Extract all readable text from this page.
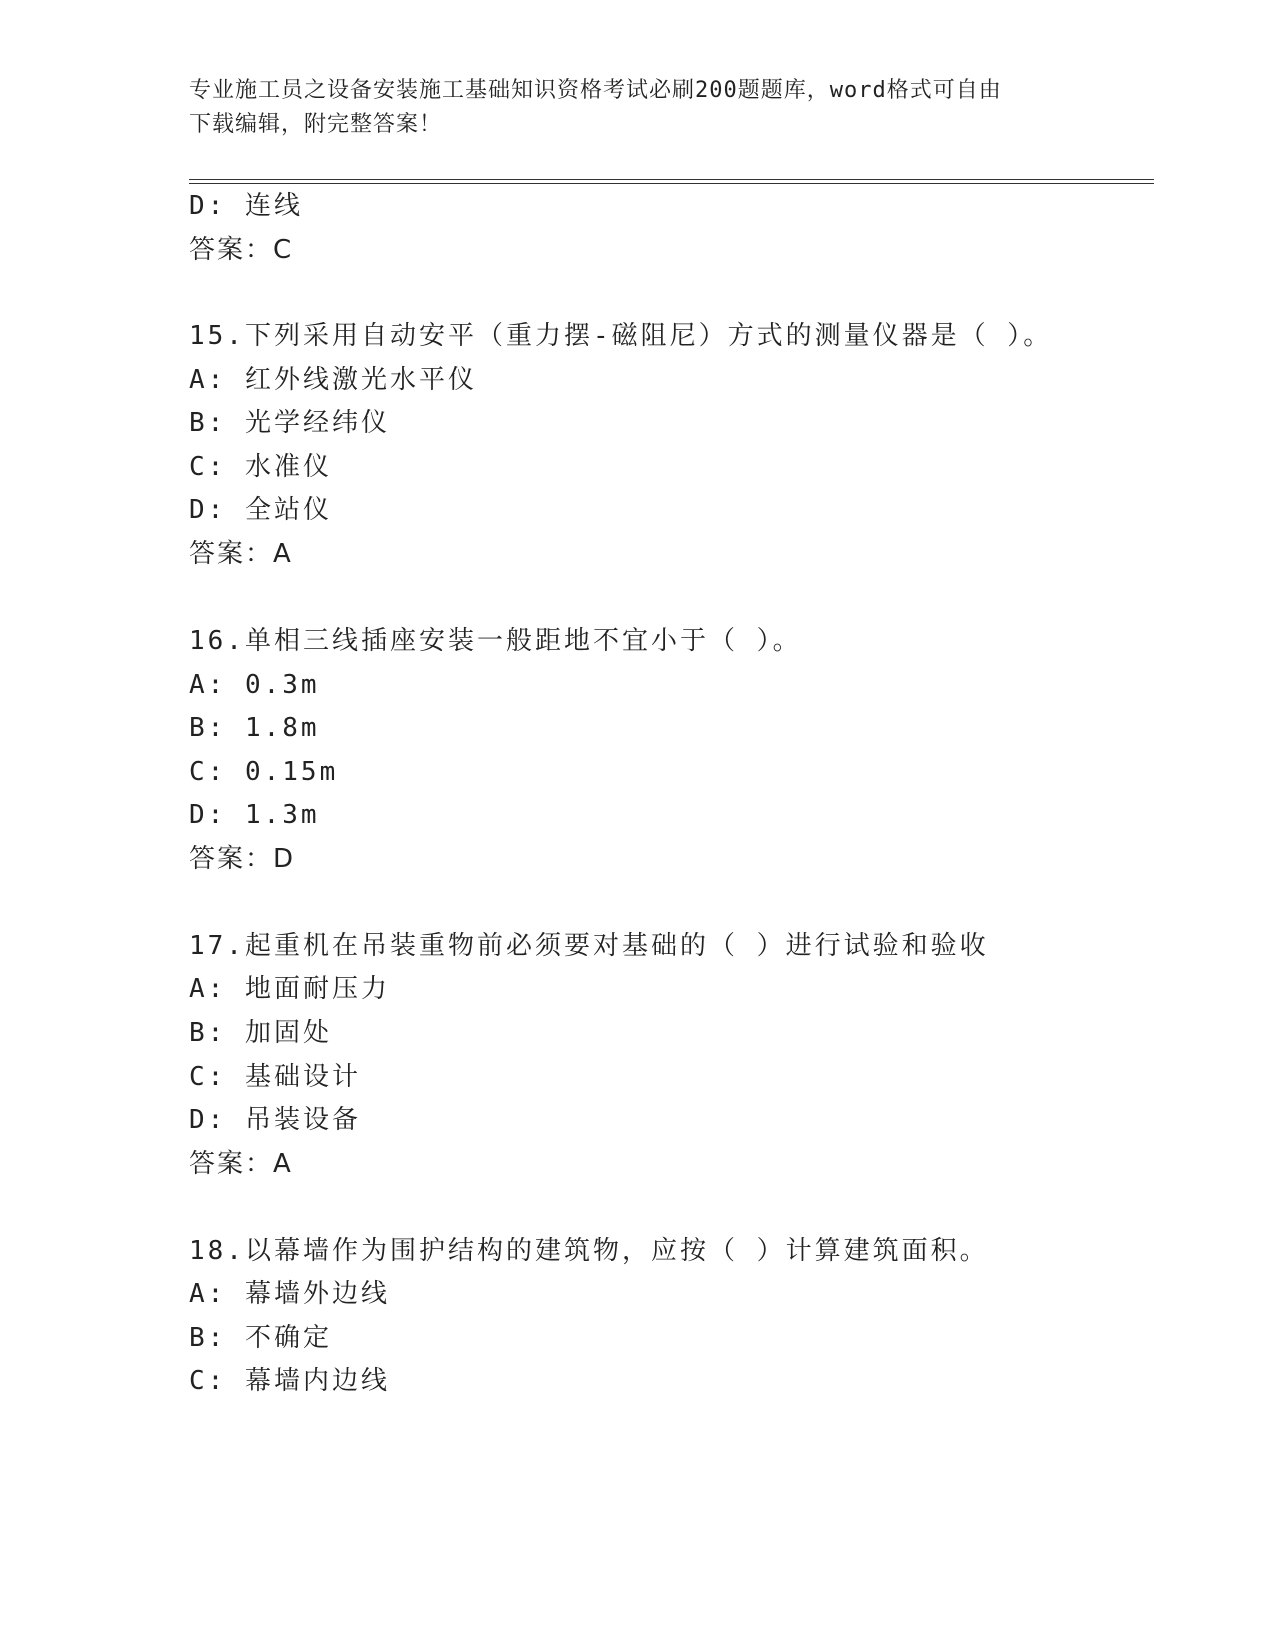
专业施工员之设备安装施工基础知识资格考试必刷200题题库，word格式可自由
下载编辑，附完整答案！
D: 连线
答案：C
15.下列采用自动安平（重力摆-磁阻尼）方式的测量仪器是（ ）。
A: 红外线激光水平仪
B: 光学经纬仪
C: 水准仪
D: 全站仪
答案：A
16.单相三线插座安装一般距地不宜小于（ ）。
A: 0.3m
B: 1.8m
C: 0.15m
D: 1.3m
答案：D
17.起重机在吊装重物前必须要对基础的（ ）进行试验和验收
A: 地面耐压力
B: 加固处
C: 基础设计
D: 吊装设备
答案：A
18.以幕墙作为围护结构的建筑物，应按（ ）计算建筑面积。
A: 幕墙外边线
B: 不确定
C: 幕墙内边线
